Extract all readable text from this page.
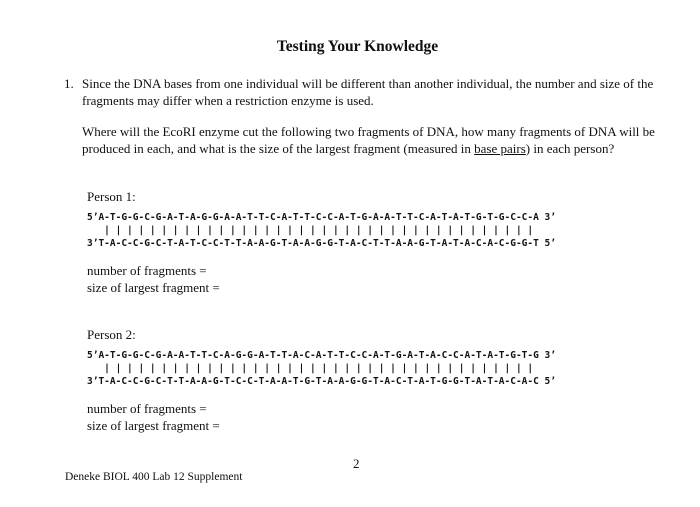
Testing Your Knowledge
1. Since the DNA bases from one individual will be different than another individual, the number and size of the fragments may differ when a restriction enzyme is used.
Where will the EcoRI enzyme cut the following two fragments of DNA, how many fragments of DNA will be produced in each, and what is the size of the largest fragment (measured in base pairs) in each person?
Person 1:
5’A-T-G-G-C-G-A-T-A-G-G-A-A-T-T-C-A-T-T-C-C-A-T-G-A-A-T-T-C-A-T-A-T-G-T-G-C-C-A 3’
| | | | | | | | | | | | | | | | | | | | | | | | | | | | | | | | | | | | | |
3’T-A-C-C-G-C-T-A-T-C-C-T-T-A-A-G-T-A-A-G-G-T-A-C-T-T-A-A-G-T-A-T-A-C-A-C-G-G-T 5’
number of fragments =
size of largest fragment =
Person 2:
5’A-T-G-G-C-G-A-A-T-T-C-A-G-G-A-T-T-A-C-A-T-T-C-C-A-T-G-A-T-A-C-C-A-T-A-T-G-T-G 3’
| | | | | | | | | | | | | | | | | | | | | | | | | | | | | | | | | | | | | |
3’T-A-C-C-G-C-T-T-A-A-G-T-C-C-T-A-A-T-G-T-A-A-G-G-T-A-C-T-A-T-G-G-T-A-T-A-C-A-C 5’
number of fragments =
size of largest fragment =
2
Deneke BIOL 400 Lab 12 Supplement
